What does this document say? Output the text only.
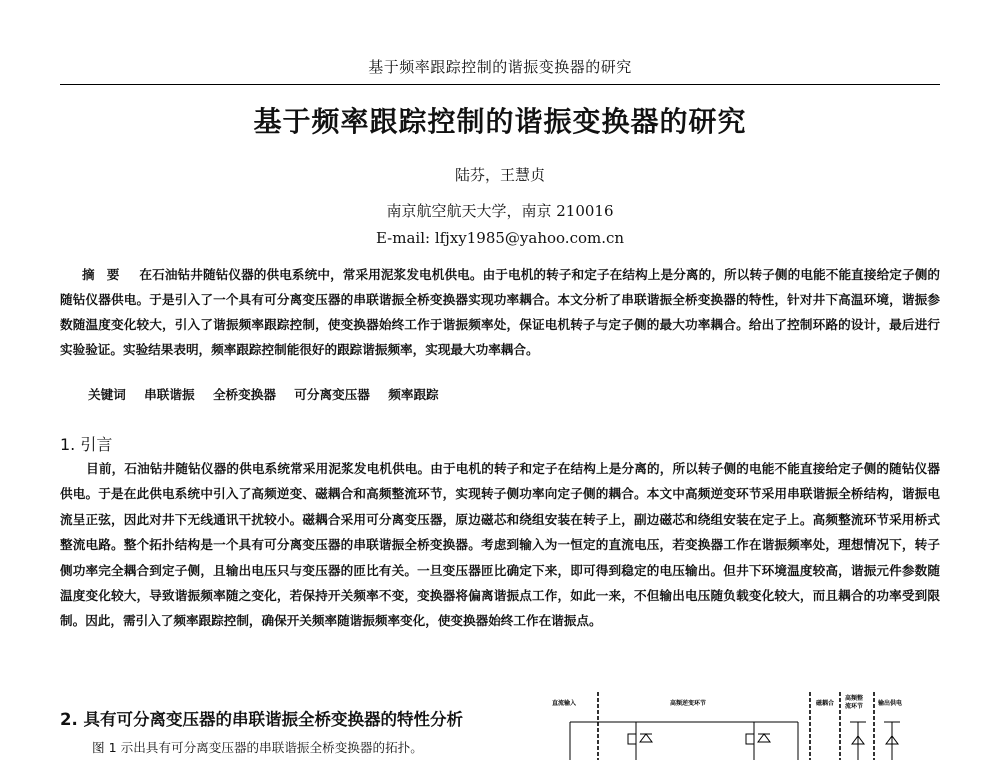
基于频率跟踪控制的谐振变换器的研究
基于频率跟踪控制的谐振变换器的研究
陆芬，王慧贞
南京航空航天大学，南京 210016
E-mail: lfjxy1985@yahoo.com.cn
摘要 在石油钻井随钻仪器的供电系统中，常采用泥浆发电机供电。由于电机的转子和定子在结构上是分离的，所以转子侧的电能不能直接给定子侧的随钻仪器供电。于是引入了一个具有可分离变压器的串联谐振全桥变换器实现功率耦合。本文分析了串联谐振全桥变换器的特性，针对井下高温环境，谐振参数随温度变化较大，引入了谐振频率跟踪控制，使变换器始终工作于谐振频率处，保证电机转子与定子侧的最大功率耦合。给出了控制环路的设计，最后进行实验验证。实验结果表明，频率跟踪控制能很好的跟踪谐振频率，实现最大功率耦合。
关键词 串联谐振 全桥变换器 可分离变压器 频率跟踪
1. 引言
目前，石油钻井随钻仪器的供电系统常采用泥浆发电机供电。由于电机的转子和定子在结构上是分离的，所以转子侧的电能不能直接给定子侧的随钻仪器供电。于是在此供电系统中引入了高频逆变、磁耦合和高频整流环节，实现转子侧功率向定子侧的耦合。本文中高频逆变环节采用串联谐振全桥结构，谐振电流呈正弦，因此对井下无线通讯干扰较小。磁耦合采用可分离变压器，原边磁芯和绕组安装在转子上，副边磁芯和绕组安装在定子上。高频整流环节采用桥式整流电路。整个拓扑结构是一个具有可分离变压器的串联谐振全桥变换器。考虑到输入为一恒定的直流电压，若变换器工作在谐振频率处，理想情况下，转子侧功率完全耦合到定子侧，且输出电压只与变压器的匝比有关。一旦变压器匝比确定下来，即可得到稳定的电压输出。但井下环境温度较高，谐振元件参数随温度变化较大，导致谐振频率随之变化，若保持开关频率不变，变换器将偏离谐振点工作，如此一来，不但输出电压随负载变化较大，而且耦合的功率受到限制。因此，需引入了频率跟踪控制，确保开关频率随谐振频率变化，使变换器始终工作在谐振点。
2. 具有可分离变压器的串联谐振全桥变换器的特性分析
图 1 示出具有可分离变压器的串联谐振全桥变换器的拓扑。
直流输入	高频逆变环节	磁耦合
高频整
流环节 输出供电
